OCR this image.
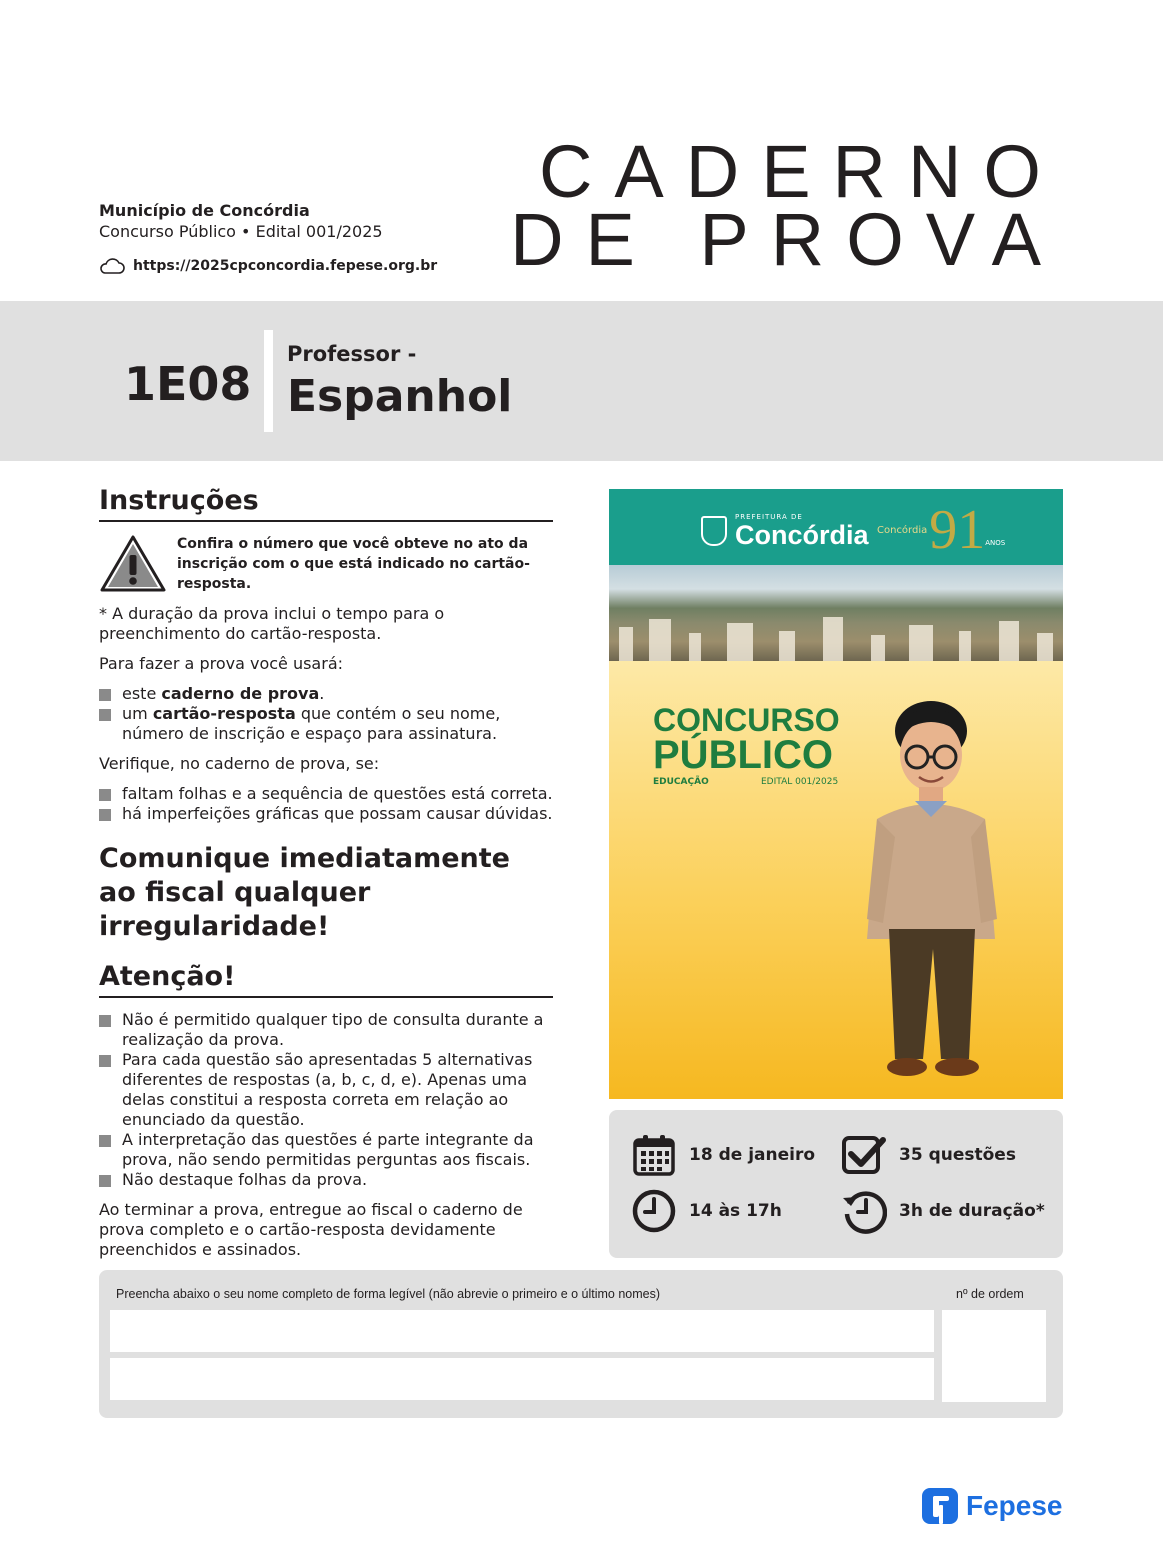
Município de Concórdia
Concurso Público • Edital 001/2025
https://2025cpconcordia.fepese.org.br
CADERNO
DE PROVA
1E08
Professor -
Espanhol
Instruções
Confira o número que você obteve no ato da inscrição com o que está indicado no cartão-resposta.
* A duração da prova inclui o tempo para o preenchimento do cartão-resposta.
Para fazer a prova você usará:
este caderno de prova.
um cartão-resposta que contém o seu nome, número de inscrição e espaço para assinatura.
Verifique, no caderno de prova, se:
faltam folhas e a sequência de questões está correta.
há imperfeições gráficas que possam causar dúvidas.
Comunique imediatamente ao fiscal qualquer irregularidade!
Atenção!
Não é permitido qualquer tipo de consulta durante a realização da prova.
Para cada questão são apresentadas 5 alternativas diferentes de respostas (a, b, c, d, e). Apenas uma delas constitui a resposta correta em relação ao enunciado da questão.
A interpretação das questões é parte integrante da prova, não sendo permitidas perguntas aos fiscais.
Não destaque folhas da prova.
Ao terminar a prova, entregue ao fiscal o caderno de prova completo e o cartão-resposta devidamente preenchidos e assinados.
PREFEITURA DE
Concórdia Concórdia 91 ANOS
CONCURSO
PÚBLICO
EDUCAÇÃO	EDITAL 001/2025
18 de janeiro	35 questões
14 às 17h	3h de duração*
Preencha abaixo o seu nome completo de forma legível (não abrevie o primeiro e o último nomes)	nº de ordem
Fepese
